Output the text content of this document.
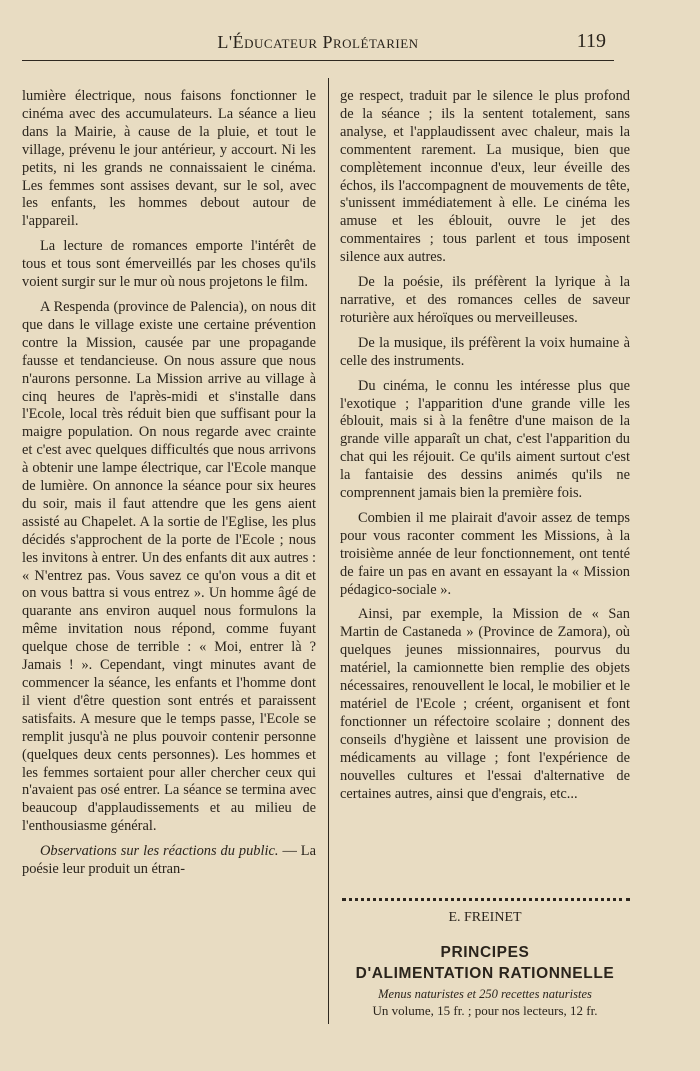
L'Éducateur Prolétarien	119

lumière électrique, nous faisons fonctionner le cinéma avec des accumulateurs. La séance a lieu dans la Mairie, à cause de la pluie, et tout le village, prévenu le jour antérieur, y accourt. Ni les petits, ni les grands ne connaissaient le cinéma. Les femmes sont assises devant, sur le sol, avec les enfants, les hommes debout autour de l'appareil.

La lecture de romances emporte l'intérêt de tous et tous sont émerveillés par les choses qu'ils voient surgir sur le mur où nous projetons le film.

A Respenda (province de Palencia), on nous dit que dans le village existe une certaine prévention contre la Mission, causée par une propagande fausse et tendancieuse. On nous assure que nous n'aurons personne. La Mission arrive au village à cinq heures de l'après-midi et s'installe dans l'Ecole, local très réduit bien que suffisant pour la maigre population. On nous regarde avec crainte et c'est avec quelques difficultés que nous arrivons à obtenir une lampe électrique, car l'Ecole manque de lumière. On annonce la séance pour six heures du soir, mais il faut attendre que les gens aient assisté au Chapelet. A la sortie de l'Eglise, les plus décidés s'approchent de la porte de l'Ecole ; nous les invitons à entrer. Un des enfants dit aux autres : « N'entrez pas. Vous savez ce qu'on vous a dit et on vous battra si vous entrez ». Un homme âgé de quarante ans environ auquel nous formulons la même invitation nous répond, comme fuyant quelque chose de terrible : « Moi, entrer là ? Jamais ! ». Cependant, vingt minutes avant de commencer la séance, les enfants et l'homme dont il vient d'être question sont entrés et paraissent satisfaits. A mesure que le temps passe, l'Ecole se remplit jusqu'à ne plus pouvoir contenir personne (quelques deux cents personnes). Les hommes et les femmes sortaient pour aller chercher ceux qui n'avaient pas osé entrer. La séance se termina avec beaucoup d'applaudissements et au milieu de l'enthousiasme général.

Observations sur les réactions du public. — La poésie leur produit un étran-

ge respect, traduit par le silence le plus profond de la séance ; ils la sentent totalement, sans analyse, et l'applaudissent avec chaleur, mais la commentent rarement. La musique, bien que complètement inconnue d'eux, leur éveille des échos, ils l'accompagnent de mouvements de tête, s'unissent immédiatement à elle. Le cinéma les amuse et les éblouit, ouvre le jet des commentaires ; tous parlent et tous imposent silence aux autres.

De la poésie, ils préfèrent la lyrique à la narrative, et des romances celles de saveur roturière aux héroïques ou merveilleuses.

De la musique, ils préfèrent la voix humaine à celle des instruments.

Du cinéma, le connu les intéresse plus que l'exotique ; l'apparition d'une grande ville les éblouit, mais si à la fenêtre d'une maison de la grande ville apparaît un chat, c'est l'apparition du chat qui les réjouit. Ce qu'ils aiment surtout c'est la fantaisie des dessins animés qu'ils ne comprennent jamais bien la première fois.

Combien il me plairait d'avoir assez de temps pour vous raconter comment les Missions, à la troisième année de leur fonctionnement, ont tenté de faire un pas en avant en essayant la « Mission pédagico-sociale ».

Ainsi, par exemple, la Mission de « San Martin de Castaneda » (Province de Zamora), où quelques jeunes missionnaires, pourvus du matériel, la camionnette bien remplie des objets nécessaires, renouvellent le local, le mobilier et le matériel de l'Ecole ; créent, organisent et font fonctionner un réfectoire scolaire ; donnent des conseils d'hygiène et laissent une provision de médicaments au village ; font l'expérience de nouvelles cultures et l'essai d'alternative de certaines autres, ainsi que d'engrais, etc...

E. FREINET
PRINCIPES
D'ALIMENTATION RATIONNELLE
Menus naturistes et 250 recettes naturistes
Un volume, 15 fr. ; pour nos lecteurs, 12 fr.
